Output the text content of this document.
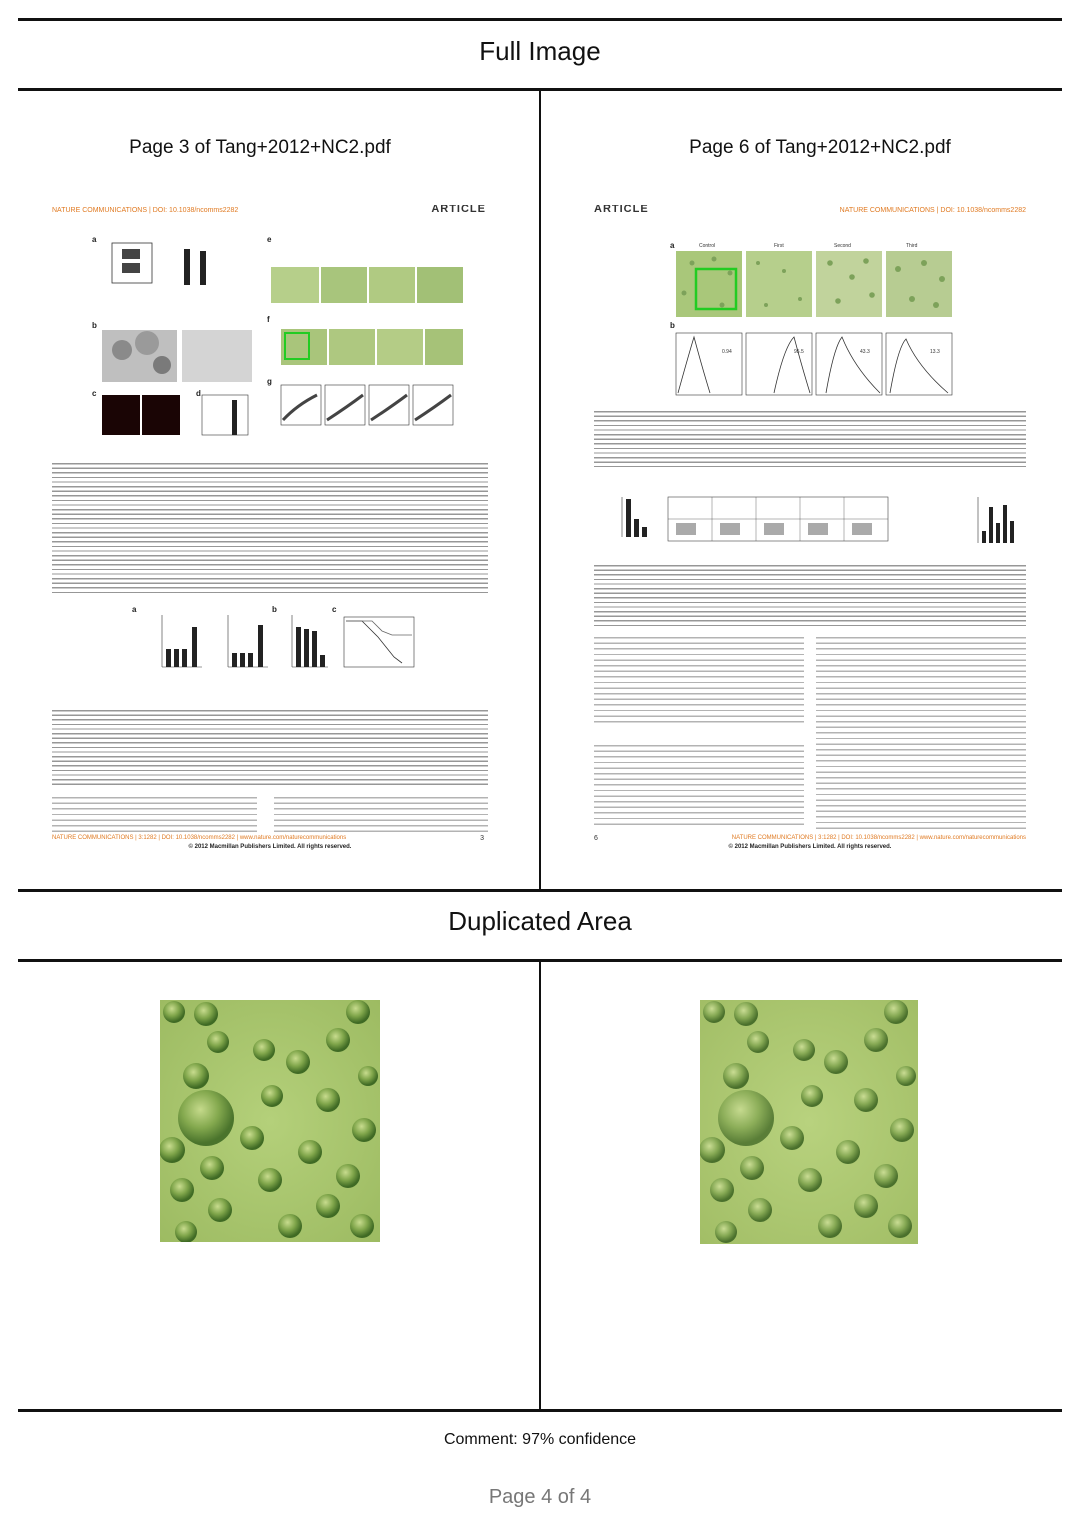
Full Image
Page 3 of Tang+2012+NC2.pdf	Page 6 of Tang+2012+NC2.pdf
NATURE COMMUNICATIONS | DOI: 10.1038/ncomms2282	ARTICLE
a
b
c	d
e
f
g
a	b	c
NATURE COMMUNICATIONS | 3:1282 | DOI: 10.1038/ncomms2282 | www.nature.com/naturecommunications	3
© 2012 Macmillan Publishers Limited. All rights reserved.
ARTICLE	NATURE COMMUNICATIONS | DOI: 10.1038/ncomms2282
a	Control	First	Second	Third
b
0.94	95.5	43.3	13.3
6	NATURE COMMUNICATIONS | 3:1282 | DOI: 10.1038/ncomms2282 | www.nature.com/naturecommunications
© 2012 Macmillan Publishers Limited. All rights reserved.
Duplicated Area
Comment: 97% confidence
Page 4 of 4
